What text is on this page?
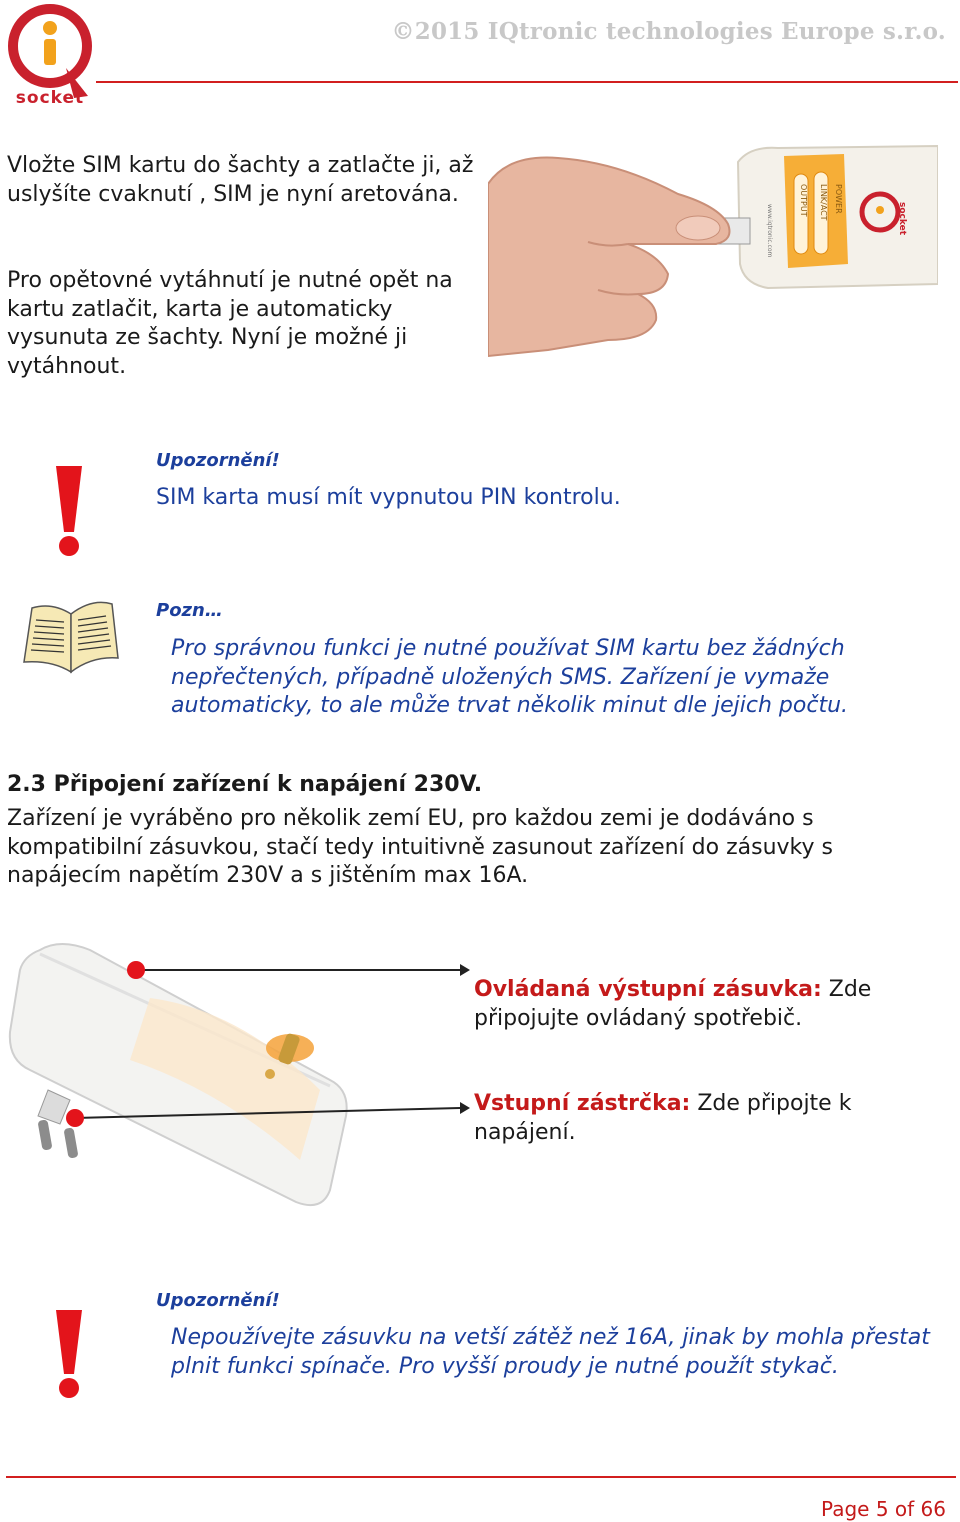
socket
©2015 IQtronic technologies Europe s.r.o.
Vložte SIM kartu do šachty a zatlačte ji, až uslyšíte cvaknutí , SIM je nyní aretována.
Pro opětovné vytáhnutí je nutné opět na kartu zatlačit, karta je automaticky vysunuta ze šachty. Nyní je možné ji vytáhnout.
OUTPUT LINK/ACT POWER
www.iqtronic.com	socket
Upozornění!
SIM karta musí mít vypnutou PIN kontrolu.
Pozn…
Pro správnou funkci je nutné používat SIM kartu bez žádných nepřečtených, případně uložených SMS. Zařízení je vymaže automaticky, to ale může trvat několik minut dle jejich počtu.
2.3 Připojení zařízení k napájení 230V.
Zařízení je vyráběno pro několik zemí EU, pro každou zemi je dodáváno s kompatibilní zásuvkou, stačí tedy intuitivně zasunout zařízení do zásuvky s napájecím napětím 230V a s jištěním max 16A.
Ovládaná výstupní zásuvka: Zde připojujte ovládaný spotřebič.
Vstupní zástrčka: Zde připojte k napájení.
Upozornění!
Nepoužívejte zásuvku na vetší zátěž než 16A, jinak by mohla přestat plnit funkci spínače. Pro vyšší proudy je nutné použít stykač.
Page 5 of 66
